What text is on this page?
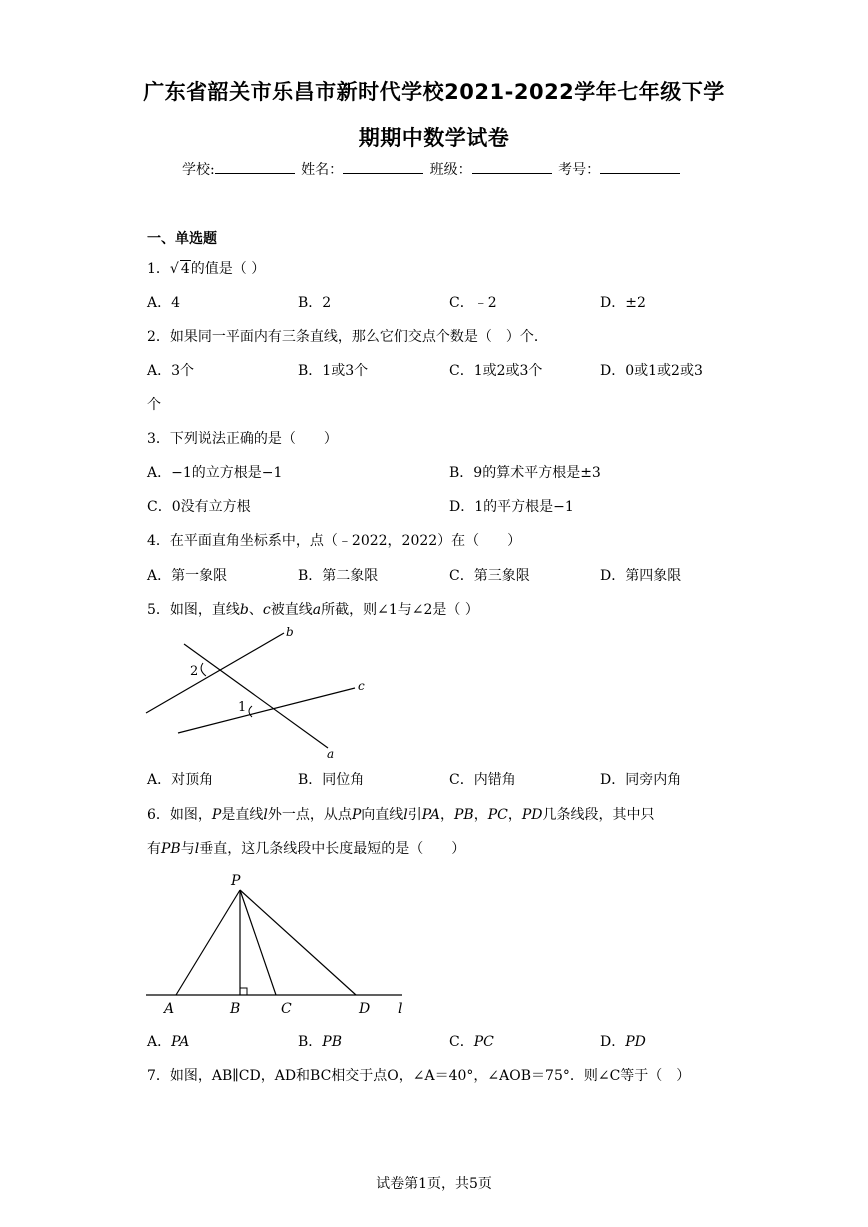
广东省韶关市乐昌市新时代学校2021-2022学年七年级下学
期期中数学试卷
学校:	姓名：	班级：	考号：
一、单选题
1．√ 4的值是（ ）
A．4	B．2	C．﹣2	D．±2
2．如果同一平面内有三条直线，那么它们交点个数是（　）个．
A．3个	B．1或3个	C．1或2或3个	D．0或1或2或3
个
3．下列说法正确的是（　　）
A．−1的立方根是−1	B．9的算术平方根是±3
C．0没有立方根	D．1的平方根是−1
4．在平面直角坐标系中，点（﹣2022，2022）在（　　）
A．第一象限	B．第二象限	C．第三象限	D．第四象限
5．如图，直线b、c被直线a所截，则∠1与∠2是（ ）
b
c
a
1
2
A．对顶角	B．同位角	C．内错角	D．同旁内角
6．如图，P是直线l外一点，从点P向直线l引PA，PB，PC，PD几条线段，其中只
有PB与l垂直，这几条线段中长度最短的是（　　）
P
A	B	C	D l
A．PA	B．PB	C．PC	D．PD
7．如图，AB∥CD，AD和BC相交于点O，∠A＝40°，∠AOB＝75°．则∠C等于（　）
试卷第1页，共5页
